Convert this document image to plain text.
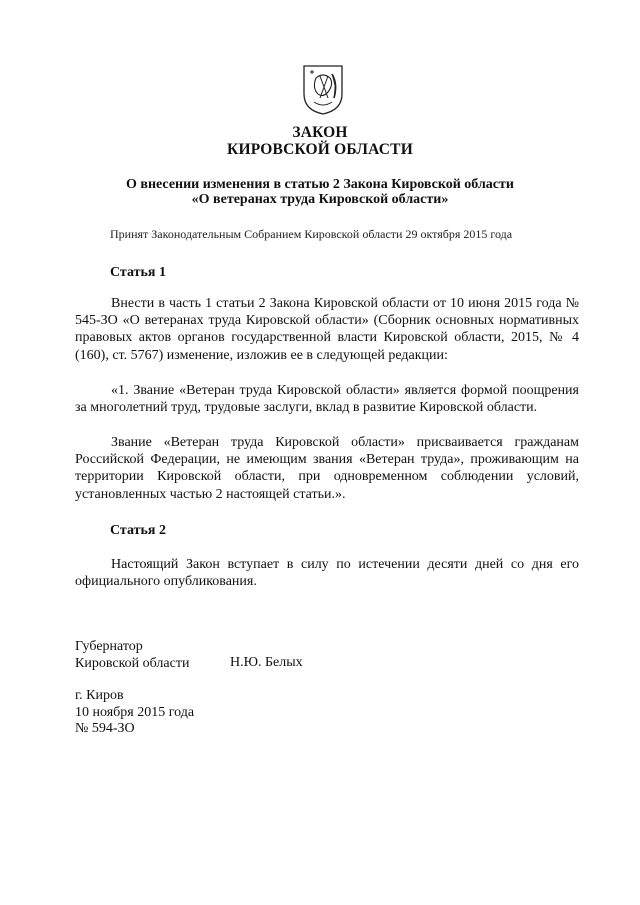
ЗАКОН
КИРОВСКОЙ ОБЛАСТИ
О внесении изменения в статью 2 Закона Кировской области
«О ветеранах труда Кировской области»
Принят Законодательным Собранием Кировской области 29 октября 2015 года
Статья 1
Внести в часть 1 статьи 2 Закона Кировской области от 10 июня 2015 года № 545-ЗО «О ветеранах труда Кировской области» (Сборник основных нормативных правовых актов органов государственной власти Кировской области, 2015, № 4 (160), ст. 5767) изменение, изложив ее в следующей редакции:
«1. Звание «Ветеран труда Кировской области» является формой поощрения за многолетний труд, трудовые заслуги, вклад в развитие Кировской области.
Звание «Ветеран труда Кировской области» присваивается гражданам Российской Федерации, не имеющим звания «Ветеран труда», проживающим на территории Кировской области, при одновременном соблюдении условий, установленных частью 2 настоящей статьи.».
Статья 2
Настоящий Закон вступает в силу по истечении десяти дней со дня его официального опубликования.
Губернатор
Кировской области	Н.Ю. Белых
г. Киров
10 ноября 2015 года
№ 594-ЗО
